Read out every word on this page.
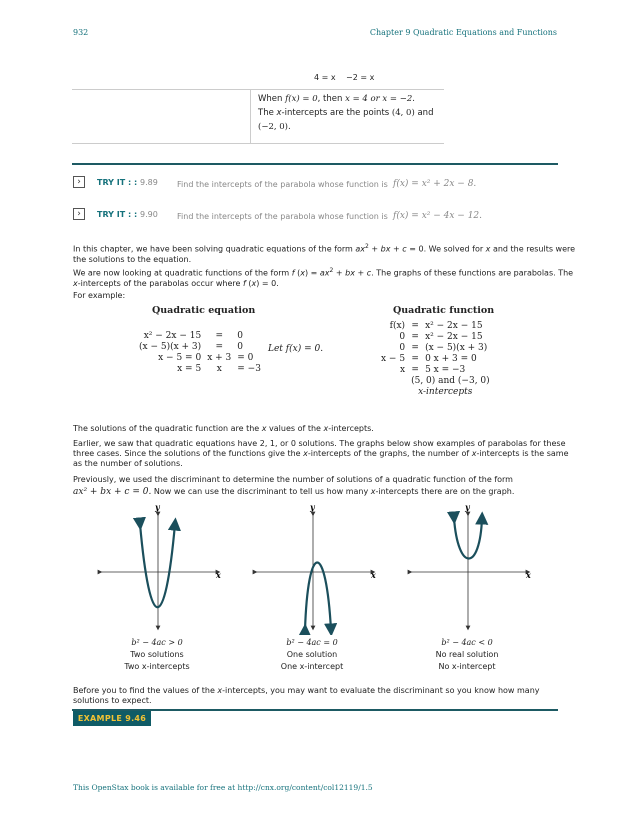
932	Chapter 9 Quadratic Equations and Functions
4 = x −2 = x
When f(x) = 0, then x = 4 or x = −2.
The x-intercepts are the points (4, 0) and
(−2, 0).
›	TRY IT : : 9.89 Find the intercepts of the parabola whose function is f(x) = x² + 2x − 8.
›	TRY IT : : 9.90 Find the intercepts of the parabola whose function is f(x) = x² − 4x − 12.
In this chapter, we have been solving quadratic equations of the form $ax^2$ + bx + c = 0. We solved for x and the results were
the solutions to the equation.
We are now looking at quadratic functions of the form f $(x) = ax^2$ + bx + c. The graphs of these functions are parabolas. The
x-intercepts of the parabolas occur where f (x) = 0.
For example:
Quadratic equation	Quadratic function
x² − 2x − 15	=	0
(x − 5)(x + 3)	=	0
x − 5 = 0	x + 3	= 0
x = 5	x	= −3
Let f(x) = 0.
f(x)	=	x² − 2x − 15
0	=	x² − 2x − 15
0	=	(x − 5)(x + 3)
x − 5	=	0 x + 3 = 0
x	=	5 x = −3
	(5, 0) and (−3, 0)	
	x-intercepts	
The solutions of the quadratic function are the x values of the x-intercepts.
Earlier, we saw that quadratic equations have 2, 1, or 0 solutions. The graphs below show examples of parabolas for these
three cases. Since the solutions of the functions give the x-intercepts of the graphs, the number of x-intercepts is the same
as the number of solutions.
Previously, we used the discriminant to determine the number of solutions of a quadratic function of the form
ax² + bx + c = 0. Now we can use the discriminant to tell us how many x-intercepts there are on the graph.
y
x
y
x
y
x
b² − 4ac > 0
Two solutions
Two x-intercepts
b² − 4ac = 0
One solution
One x-intercept
b² − 4ac < 0
No real solution
No x-intercept
Before you to find the values of the x-intercepts, you may want to evaluate the discriminant so you know how many
solutions to expect.
EXAMPLE 9.46
This OpenStax book is available for free at http://cnx.org/content/col12119/1.5
